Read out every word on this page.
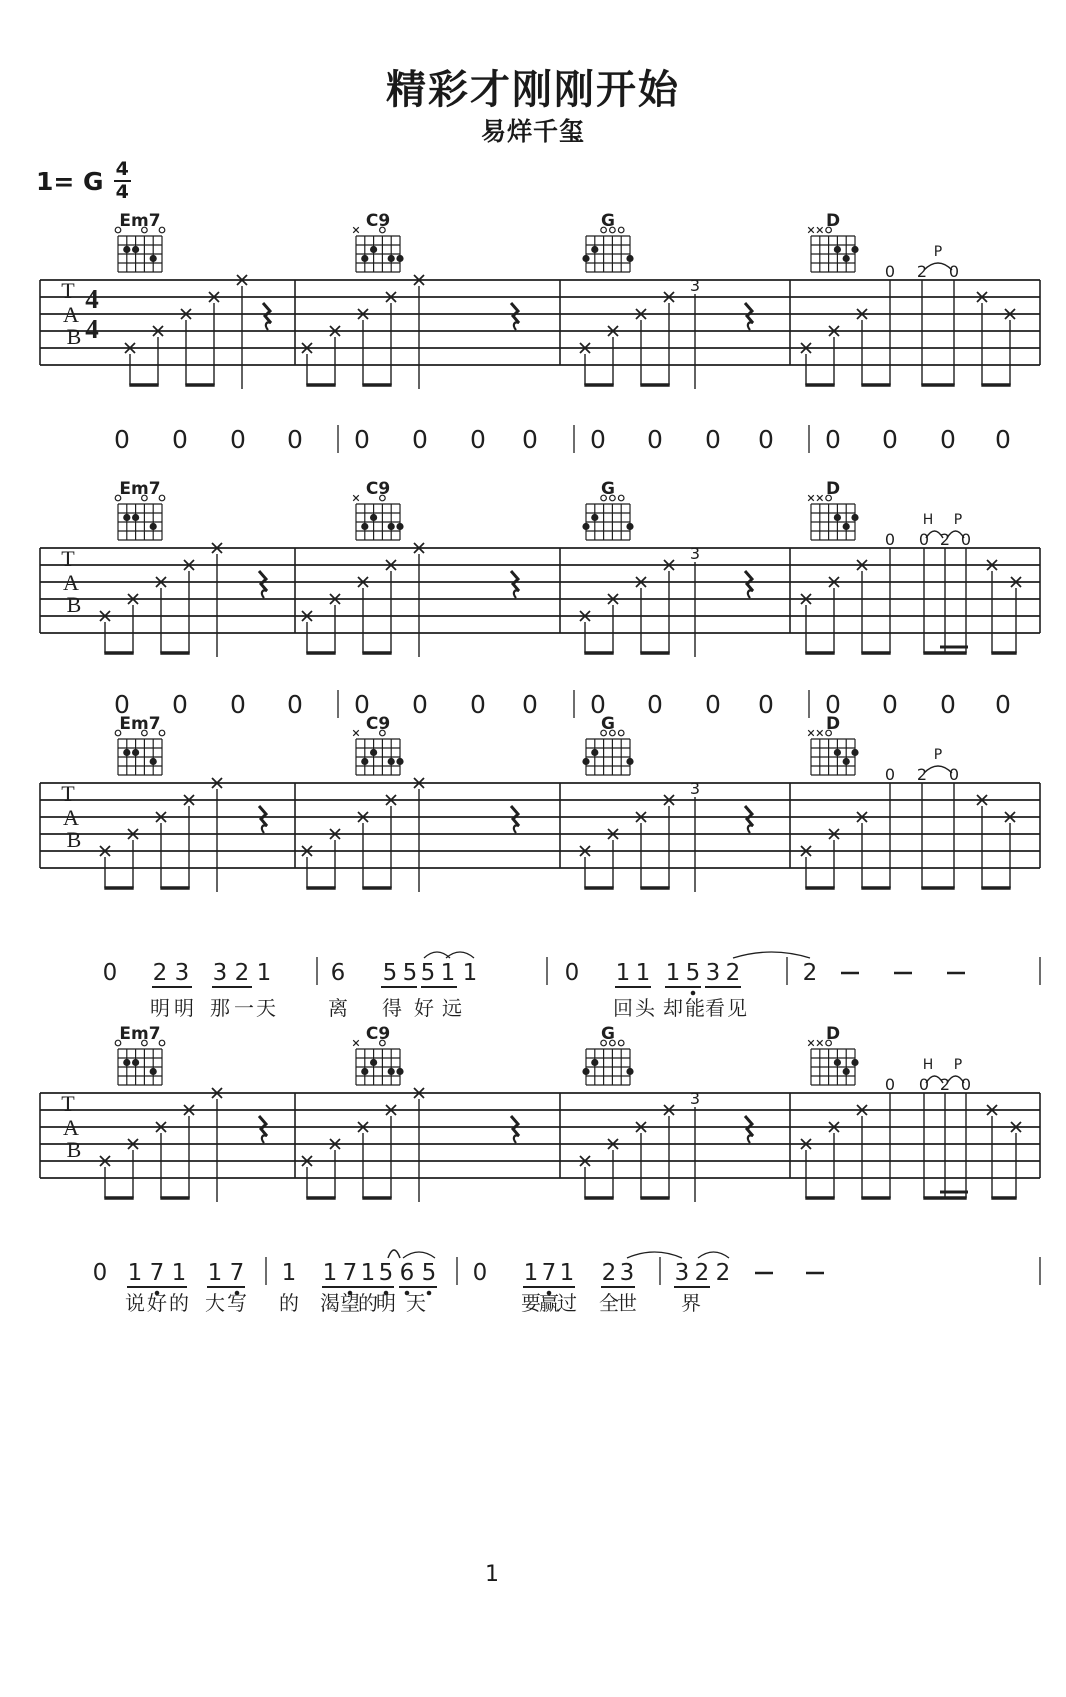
精彩才刚刚开始
易烊千玺
1= G $\frac{4}{4}$
T
A
B
4
4
Em7	C9	G	D
3
0 2 0
P
T
A
B
Em7	C9	G	D
3
0 0 2 0
H P
T
A
B
Em7	C9	G	D
3
0 2 0
P
T
A
B
Em7	C9	G	D
3
0 0 2 0
H P
0 0 0 0 0 0 0 0 0 0 0 0 0 0 0 0
0 0 0 0 0 0 0 0 0 0 0 0 0 0 0 0
0 2 3 3 2 1	6 5 5 5 1 1	0 1 1 1 5 3 2	2
明 明 那 一 天	离 得 好 远	回 头 却 能 看 见
0 1 7 1 1 7 1 1 7 1 5 6 5 0 1 7 1 2 3 3 2 2
说 好 的 大 写 的 渴 望
的
明 天	要
赢
过 全
世 界
1
